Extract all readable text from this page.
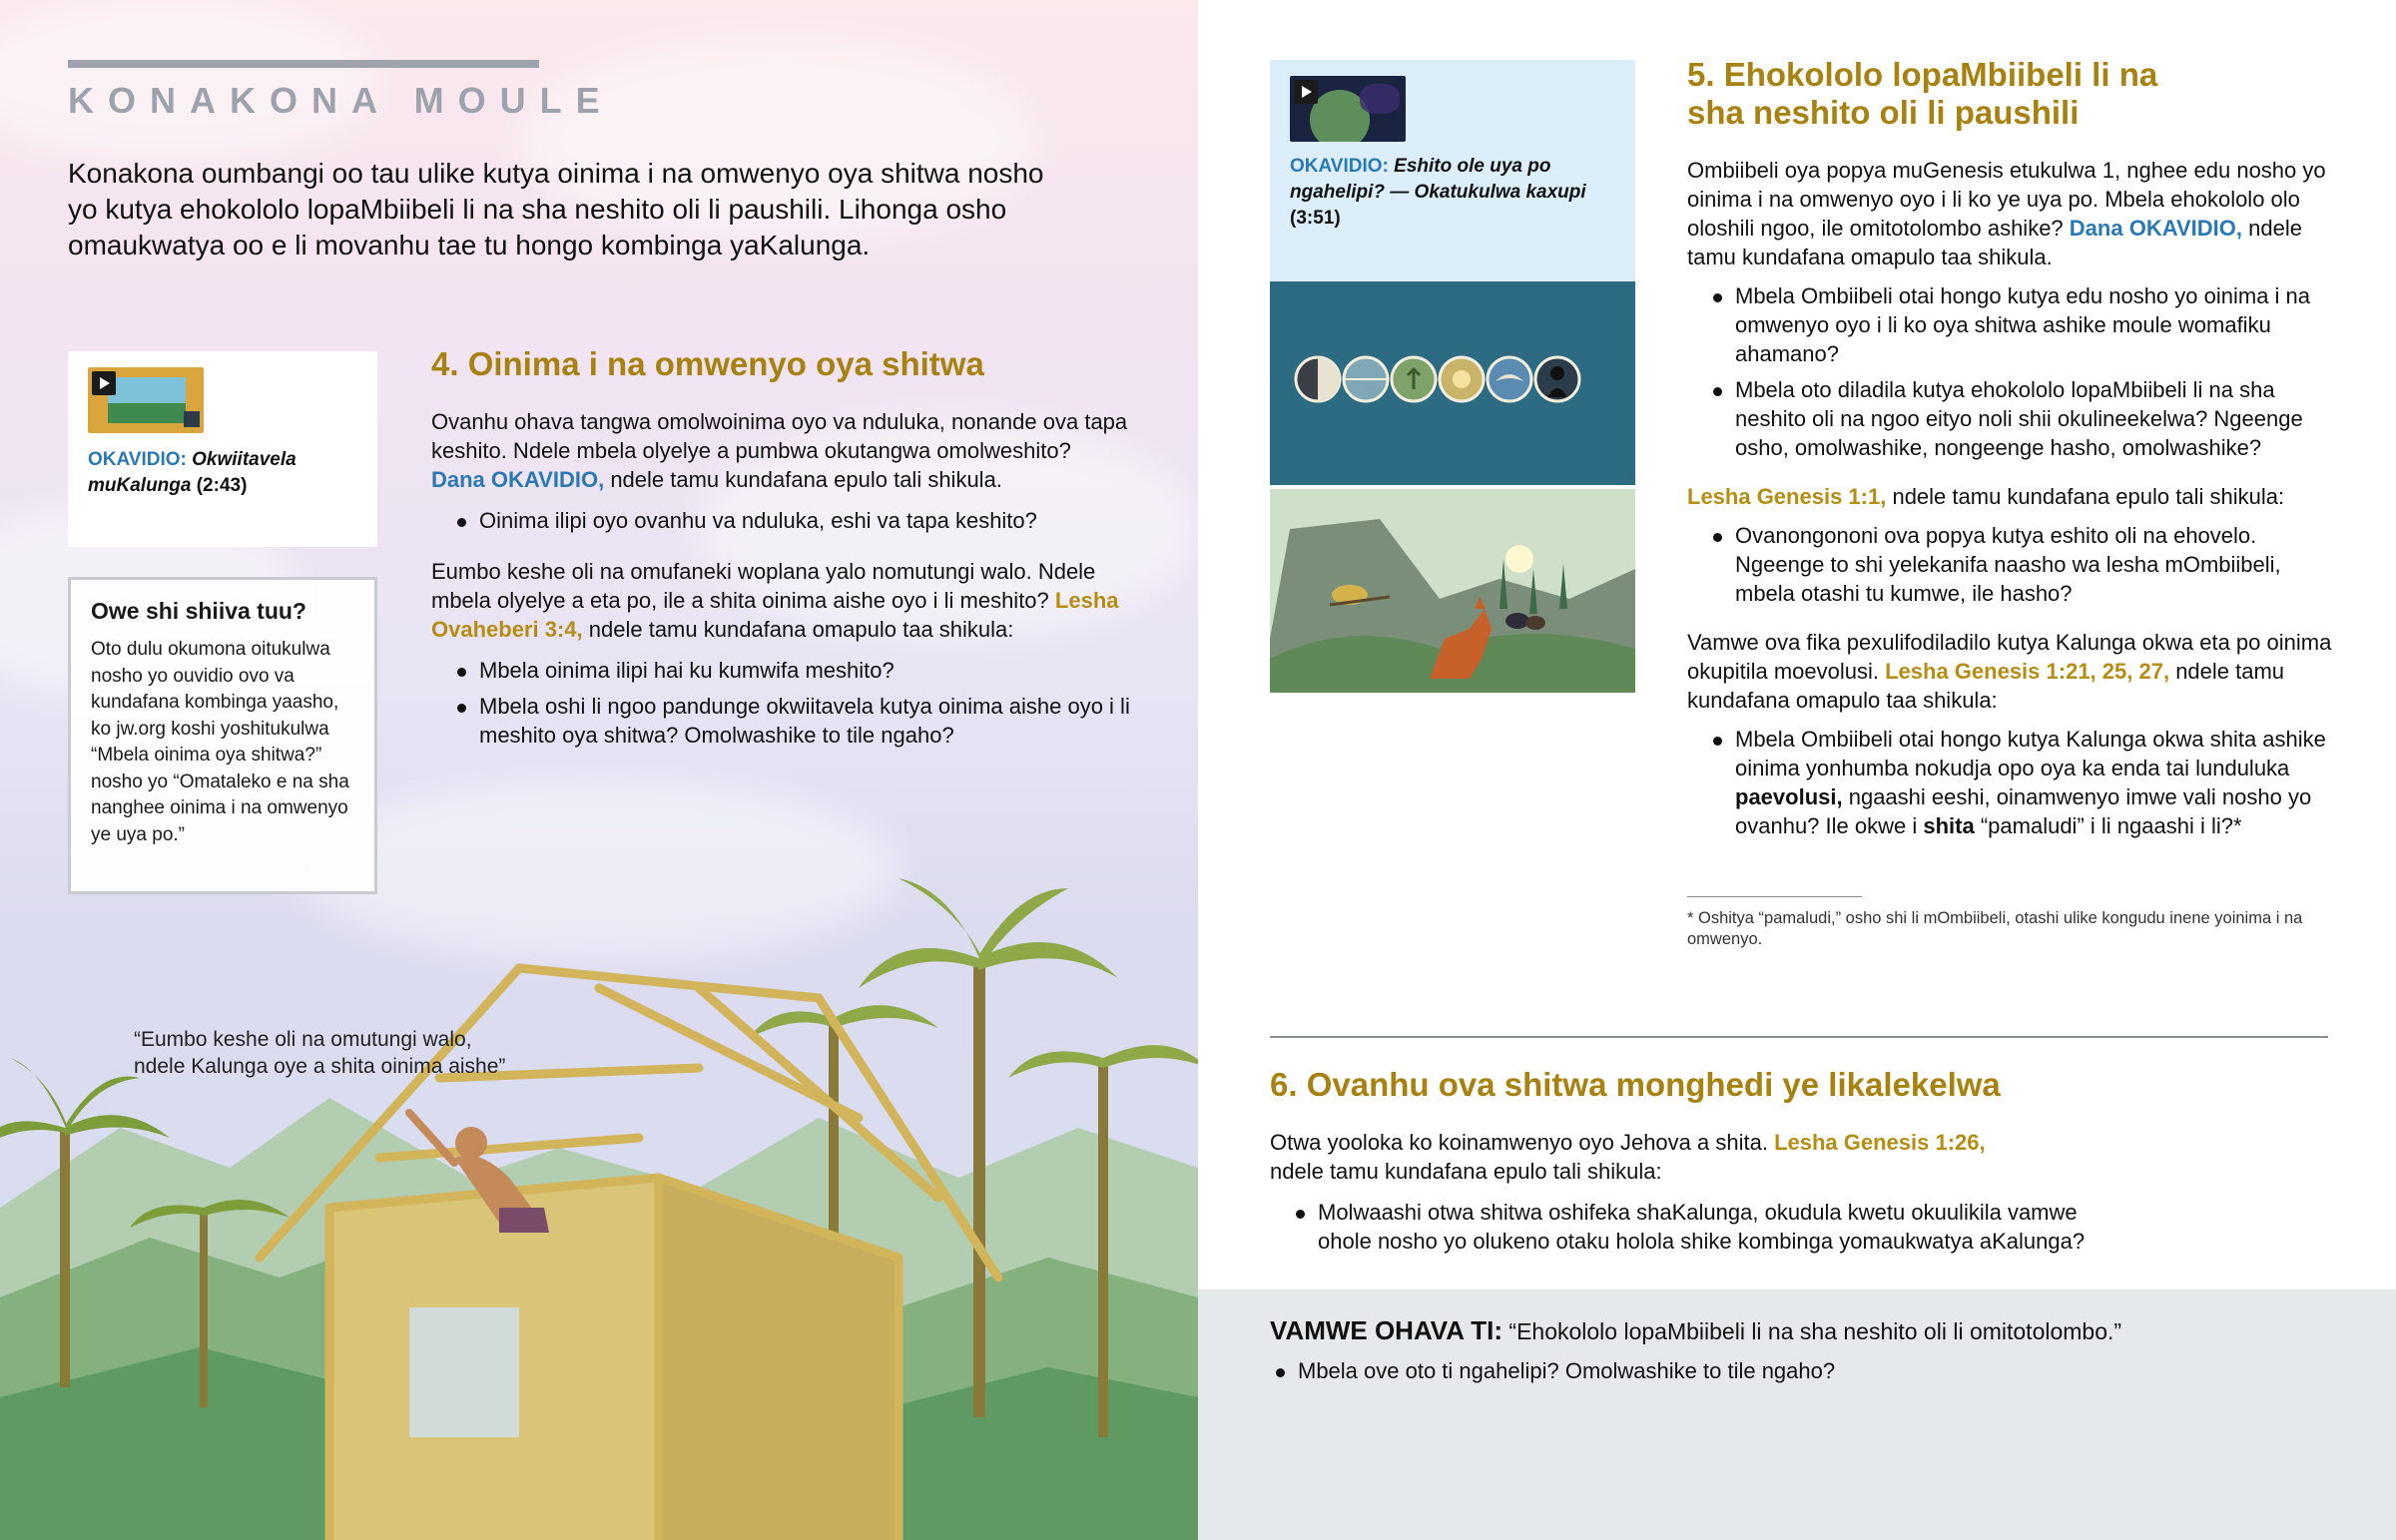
KONAKONA MOULE

Konakona oumbangi oo tau ulike kutya oinima i na omwenyo oya shitwa nosho yo kutya ehokololo lopaMbiibeli li na sha neshito oli li paushili. Lihonga osho omaukwatya oo e li movanhu tae tu hongo kombinga yaKalunga.

OKAVIDIO: Okwiitavela muKalunga (2:43)

Owe shi shiiva tuu?

Oto dulu okumona oitukulwa nosho yo ouvidio ovo va kundafana kombinga yaasho, ko jw.org koshi yoshitukulwa “Mbela oinima oya shitwa?” nosho yo “Omataleko e na sha nanghee oinima i na omwenyo ye uya po.”

4. Oinima i na omwenyo oya shitwa

Ovanhu ohava tangwa omolwoinima oyo va nduluka, nonande ova tapa keshito. Ndele mbela olyelye a pumbwa okutangwa omolweshito? Dana OKAVIDIO, ndele tamu kundafana epulo tali shikula.

Oinima ilipi oyo ovanhu va nduluka, eshi va tapa keshito?

Eumbo keshe oli na omufaneki woplana yalo nomutungi walo. Ndele mbela olyelye a eta po, ile a shita oinima aishe oyo i li meshito? Lesha Ovaheberi 3:4, ndele tamu kundafana omapulo taa shikula:

Mbela oinima ilipi hai ku kumwifa meshito?
Mbela oshi li ngoo pandunge okwiitavela kutya oinima aishe oyo i li meshito oya shitwa? Omolwashike to tile ngaho?
“Eumbo keshe oli na omutungi walo,
ndele Kalunga oye a shita oinima aishe”

OKAVIDIO: Eshito ole uya po ngahelipi? — Okatukulwa kaxupi (3:51)

5. Ehokololo lopaMbiibeli li na
sha neshito oli li paushili

Ombiibeli oya popya muGenesis etukulwa 1, nghee edu nosho yo oinima i na omwenyo oyo i li ko ye uya po. Mbela ehokololo olo oloshili ngoo, ile omitotolombo ashike? Dana OKAVIDIO, ndele tamu kundafana omapulo taa shikula.

Mbela Ombiibeli otai hongo kutya edu nosho yo oinima i na omwenyo oyo i li ko oya shitwa ashike moule womafiku ahamano?
Mbela oto diladila kutya ehokololo lopaMbiibeli li na sha neshito oli na ngoo eityo noli shii okulineekelwa? Ngeenge osho, omolwashike, nongeenge hasho, omolwashike?

Lesha Genesis 1:1, ndele tamu kundafana epulo tali shikula:

Ovanongononi ova popya kutya eshito oli na ehovelo. Ngeenge to shi yelekanifa naasho wa lesha mOmbiibeli, mbela otashi tu kumwe, ile hasho?

Vamwe ova fika pexulifodiladilo kutya Kalunga okwa eta po oinima okupitila moevolusi. Lesha Genesis 1:21, 25, 27, ndele tamu kundafana omapulo taa shikula:

Mbela Ombiibeli otai hongo kutya Kalunga okwa shita ashike oinima yonhumba nokudja opo oya ka enda tai lunduluka paevolusi, ngaashi eeshi, oinamwenyo imwe vali nosho yo ovanhu? Ile okwe i shita “pamaludi” i li ngaashi i li?*

* Oshitya “pamaludi,” osho shi li mOmbiibeli, otashi ulike kongudu inene yoinima i na omwenyo.

6. Ovanhu ova shitwa monghedi ye likalekelwa

Otwa yooloka ko koinamwenyo oyo Jehova a shita. Lesha Genesis 1:26,
ndele tamu kundafana epulo tali shikula:

Molwaashi otwa shitwa oshifeka shaKalunga, okudula kwetu okuulikila vamwe ohole nosho yo olukeno otaku holola shike kombinga yomaukwatya aKalunga?

VAMWE OHAVA TI: “Ehokololo lopaMbiibeli li na sha neshito oli li omitotolombo.”

Mbela ove oto ti ngahelipi? Omolwashike to tile ngaho?
